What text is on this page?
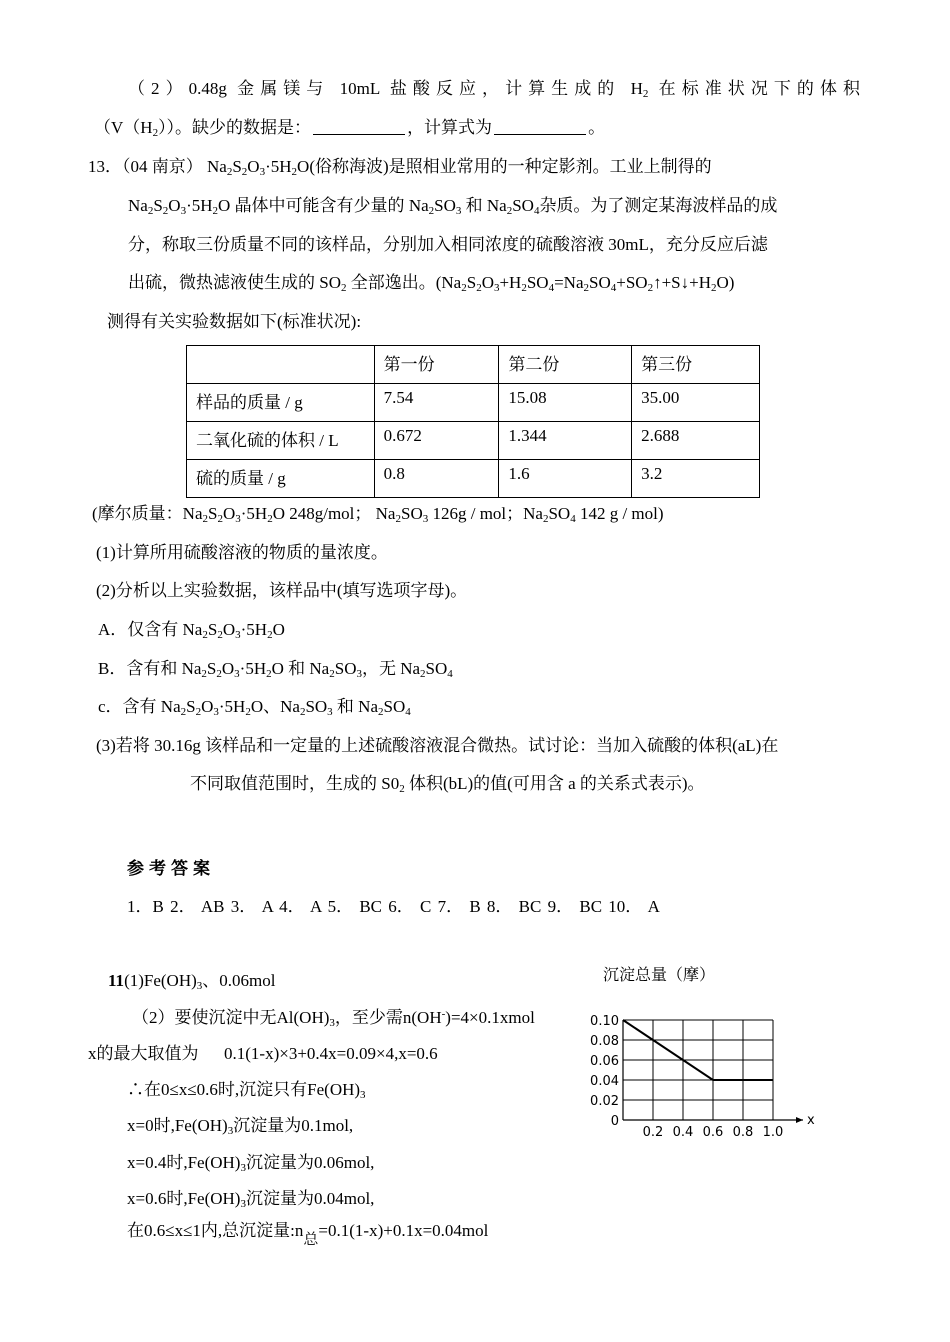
（2）0.48g 金属镁与 10mL 盐酸反应，计算生成的 $H_2$ 在标准状况下的体积
$(V(H_2))$。缺少的数据是：	，计算式为	。
13．（04 南京） $Na_2S_2O_3\cdot 5H_2O$(俗称海波)是照相业常用的一种定影剂。工业上制得的
$Na_2S_2O_3\cdot 5H_2O$ 晶体中可能含有少量的 $Na_2SO_3$ 和 $Na_2SO_4$杂质。为了测定某海波样品的成
分，称取三份质量不同的该样品，分别加入相同浓度的硫酸溶液 30mL，充分反应后滤
出硫，微热滤液使生成的 $SO_2$ 全部逸出。$(Na_2S_2O_3+H_2SO_4=Na_2SO_4+SO_2↑+S↓+H_2O)$
测得有关实验数据如下(标准状况):
	第一份	第二份	第三份
样品的质量 / g	7.54	15.08	35.00
二氧化硫的体积 / L	0.672	1.344	2.688
硫的质量 / g	0.8	1.6	3.2
(摩尔质量：$Na_2S_2O_3\cdot 5H_2O$ 248g/mol； $Na_2SO_3$ 126g / mol；$Na_2SO_4$ 142 g / mol)
(1)计算所用硫酸溶液的物质的量浓度。
(2)分析以上实验数据，该样品中(填写选项字母)。
A．仅含有 $Na_2S_2O_3\cdot 5H_2O$
B．含有和 $Na_2S_2O_3\cdot 5H_2O$ 和 $Na_2SO_3$，无 $Na_2SO_4$
c．含有 $Na_2S_2O_3\cdot 5H_2O$、$Na_2SO_3$ 和 $Na_2SO_4$
(3)若将 30.16g 该样品和一定量的上述硫酸溶液混合微热。试讨论：当加入硫酸的体积(aL)在
不同取值范围时，生成的 $S0_2$ 体积(bL)的值(可用含 a 的关系式表示)。
参考答案
1．B 2． AB 3． A 4． A 5． BC 6． C 7． B 8． BC 9． BC 10． A
$11(1)Fe(OH)_3$、0.06mol
（2）要使沉淀中无$Al(OH)_3$，至少需n(OH-)=4×0.1xmol
x的最大取值为      0.1(1-x)×3+0.4x=0.09×4,x=0.6
∴在0≤x≤0.6时,沉淀只有$Fe(OH)_3$
x=0时$,Fe(OH)_3$沉淀量为0.1mol,
x=0.4时$,Fe(OH)_3$沉淀量为0.06mol,
x=0.6时$,Fe(OH)_3$沉淀量为0.04mol,
在0.6≤x≤1内,总沉淀量$:n_总=0.1(1-x)+0.1x=0.04mol$
沉淀总量（摩）
x
0.10
0.08
0.06
0.04
0.02
0
0.2 0.4 0.6 0.8 1.0
